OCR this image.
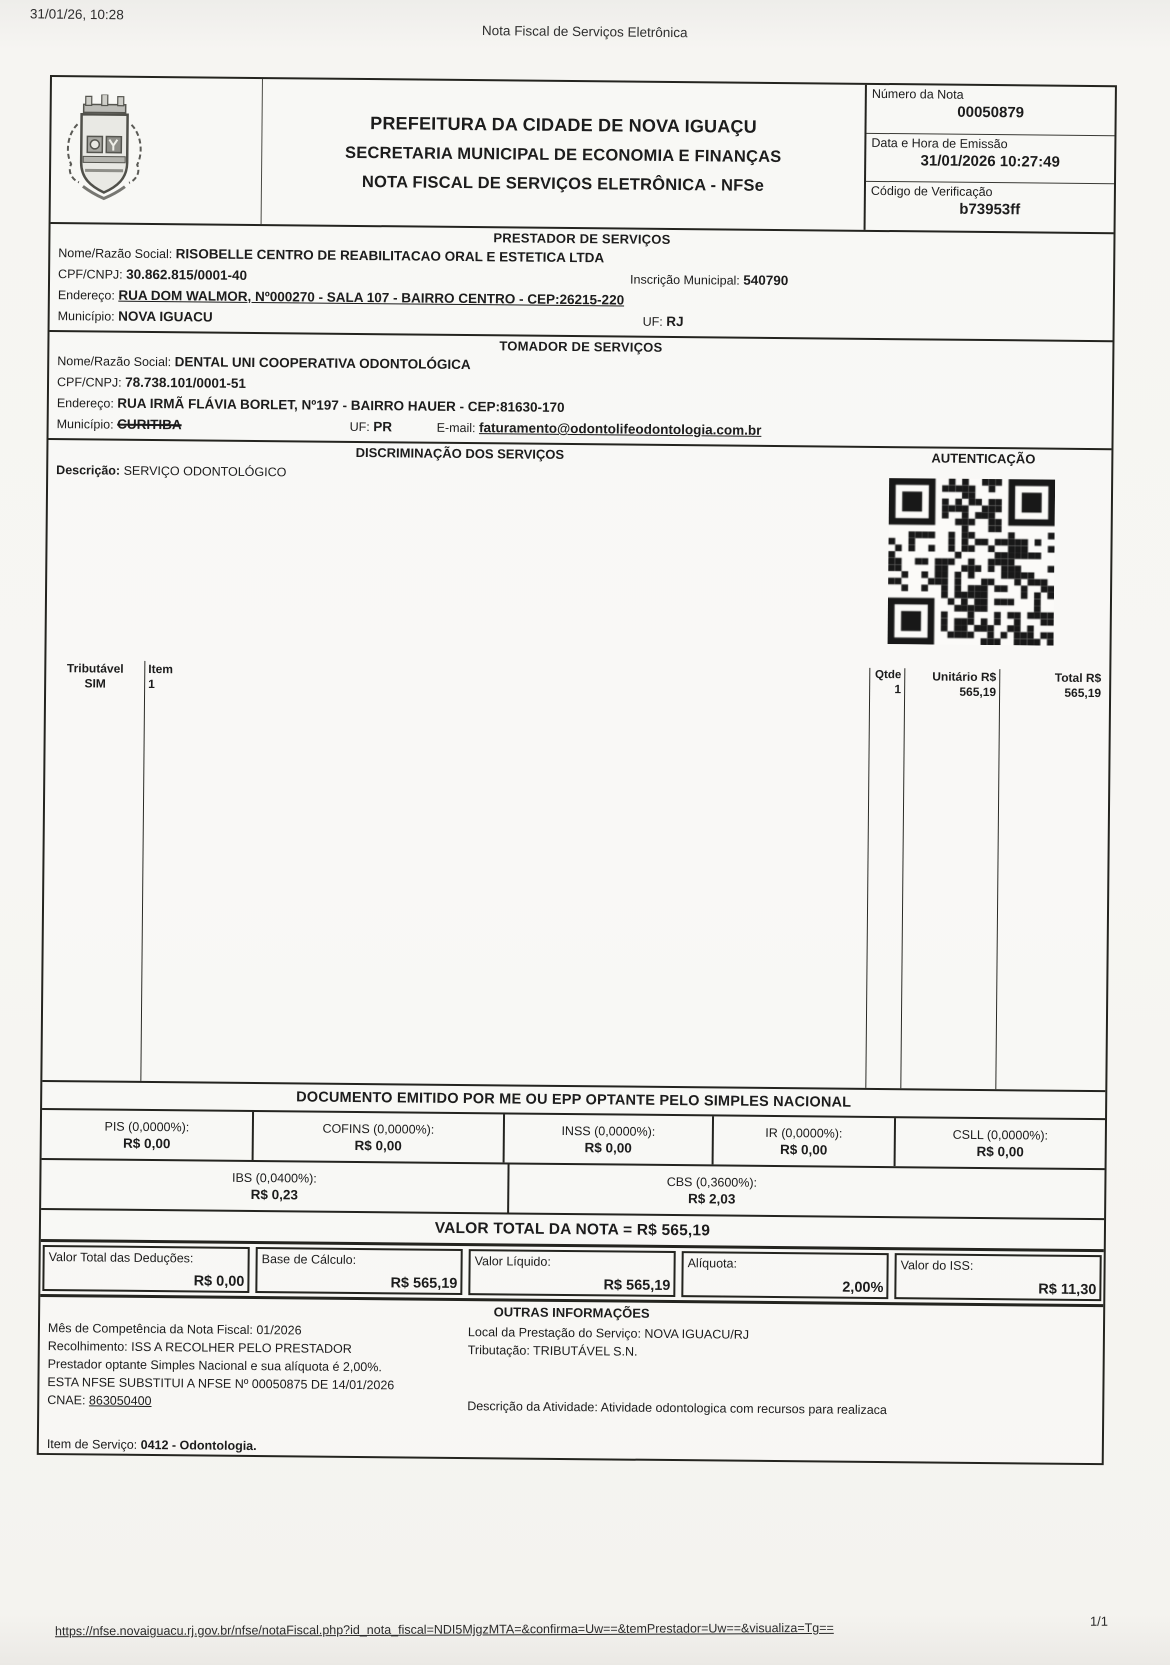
31/01/26, 10:28
Nota Fiscal de Serviços Eletrônica
PREFEITURA DA CIDADE DE NOVA IGUAÇU
SECRETARIA MUNICIPAL DE ECONOMIA E FINANÇAS
NOTA FISCAL DE SERVIÇOS ELETRÔNICA - NFSe
Número da Nota
00050879
Data e Hora de Emissão
31/01/2026 10:27:49
Código de Verificação
b73953ff
PRESTADOR DE SERVIÇOS
Nome/Razão Social: RISOBELLE CENTRO DE REABILITACAO ORAL E ESTETICA LTDA
CPF/CNPJ: 30.862.815/0001-40	Inscrição Municipal: 540790
Endereço: RUA DOM WALMOR, Nº000270 - SALA 107 - BAIRRO CENTRO - CEP:26215-220
Município: NOVA IGUACU	UF: RJ
TOMADOR DE SERVIÇOS
Nome/Razão Social: DENTAL UNI COOPERATIVA ODONTOLÓGICA
CPF/CNPJ: 78.738.101/0001-51
Endereço: RUA IRMÃ FLÁVIA BORLET, Nº197 - BAIRRO HAUER - CEP:81630-170
Município: CURITIBA	UF: PR	E-mail: faturamento@odontolifeodontologia.com.br
DISCRIMINAÇÃO DOS SERVIÇOS	AUTENTICAÇÃO
Descrição: SERVIÇO ODONTOLÓGICO
Tributável
SIM
Item
1
Qtde
1
Unitário R$
565,19
Total R$
565,19
DOCUMENTO EMITIDO POR ME OU EPP OPTANTE PELO SIMPLES NACIONAL
PIS (0,0000%):
R$ 0,00
COFINS (0,0000%):
R$ 0,00
INSS (0,0000%):
R$ 0,00
IR (0,0000%):
R$ 0,00
CSLL (0,0000%):
R$ 0,00
IBS (0,0400%):
R$ 0,23
CBS (0,3600%):
R$ 2,03
VALOR TOTAL DA NOTA = R$ 565,19
Valor Total das Deduções:
R$ 0,00
Base de Cálculo:
R$ 565,19
Valor Líquido:
R$ 565,19
Alíquota:
2,00%
Valor do ISS:
R$ 11,30
OUTRAS INFORMAÇÕES
Mês de Competência da Nota Fiscal: 01/2026
Recolhimento: ISS A RECOLHER PELO PRESTADOR
Prestador optante Simples Nacional e sua alíquota é 2,00%.
ESTA NFSE SUBSTITUI A NFSE Nº 00050875 DE 14/01/2026
CNAE: 863050400
Local da Prestação do Serviço: NOVA IGUACU/RJ
Tributação: TRIBUTÁVEL S.N.
Descrição da Atividade: Atividade odontologica com recursos para realizaca
Item de Serviço: 0412 - Odontologia.
https://nfse.novaiguacu.rj.gov.br/nfse/notaFiscal.php?id_nota_fiscal=NDI5MjgzMTA=&confirma=Uw==&temPrestador=Uw==&visualiza=Tg==	1/1
